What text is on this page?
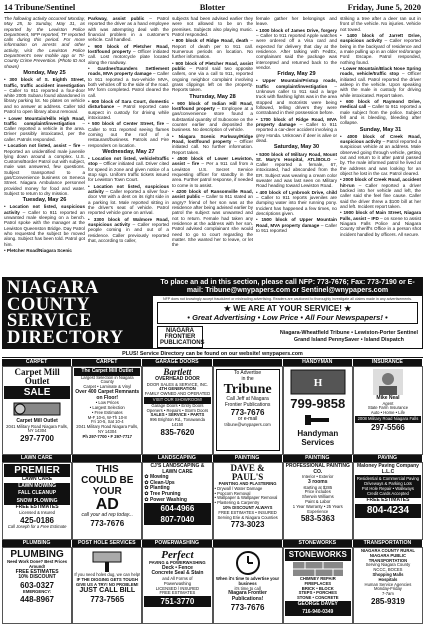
14 Tribune/Sentinel	Blotter	Friday, June 5, 2020

The following activity occurred Monday, May 25, to Sunday, May 31, as reported by the Lewiston Police Department, NFP reported, TF reported calls during this period. For more information on arrests and other activity, visit the Lewiston Police Department's new mobile app or Tri-County Crime Prevention. (Photo ID not shown)

Monday, May 25

• 300 block of S. Eighth Street, traffic, traffic accident investigation – Caller to 911 reported a four-door white 2005 Subaru found abandoned in library parking lot. No plates on vehicle and no answer at address. Caller told Patrol to open library about removal.

• Lower Mountain/Hills High Road, traffic complaint/investigation – Caller reported a vehicle in the area. Driver possibly intoxicated, per the caller. Patrols responded.

• Location not listed, assist – fire – Reported an unidentified male juvenile lying down around a complex. U.S. Customs/Border Patrol out with subject, male was answered, few questions. Subject transported to a gas/Convenience business on Seneca Street. Niagara Ambulance personnel provided money for food and water. Subject to return to dry mission.

Tuesday, May 26

• Location not listed, suspicious activity – Caller to 911 reported an unwanted male sleeping on a bench. Patrol spoke with the manager at the Lewiston Queenston Bridge. Day Patrol who requested the subject be moved along. Subject has been told. Patrol got him.

• Pletcher Road/Niagara Scenic

Parkway, assist public – Patrol reported the driver as a hand employee with was attempting deal with the financial problem in a customer's vehicle. Call handled.

• 900 block of Pletcher Road, lost/found property – Officer initiated call. Lost motorcycle plate located along the roadway.

• Gardner/Saunders Settlement roads, MVA property damage – Caller to 911 reported a two-vehicle MVA, both vehicles off to the side of the road. MV form completed. Patrol cleared the call.

• 600 block of Sara Court, domestic disturbance – Patrol reported case suspect in custody for driving while intoxicated.

• 500 block of Center Street, fire – Caller to 911 reported seeing flames coming out the roof of a restaurant/business. Patrols and Fire responders on location.

Wednesday, May 27

• Location not listed, vehicle/traffic stop – Officer initiated call. Driver cited for speed in zone and given notice of a stop sign. Uniform traffic tickets issued for Lewiston Town Court.

• Location not listed, suspicious activity – Caller reported a silver four-door VW with a dent on its right side in a parking lot. Male reported sitting in the driver's seat of vehicle. Patrol reported vehicle gone on arrival.

• 3300 block of Walmore Road, suspicious activity – Caller reported people coming in and out of a residence. Caller previously reported that, according to caller,

subjects had been advised earlier they were not allowed to be on the premises. Subjects also playing music. Patrol responded.

• 800 block of Ridge Road, death – Report of death per to 911 call. Numerous periods on location. No further information.

• 900 block of Pletcher Road, assist public – Patrol said two opposite callers, one via a call to 911, reported ongoing neighbor complaint involving grass clippings left on the property. Reports taken.

Thursday, May 28

• 900 block of Indian Hill Road, lost/found property – Employee at a gas/convenience store found a substantial quantity of Suboxone on the counter earlier and deposited the business. No description of vehicle.

• Niagara Scenic Parkway/Ridge Road, lost/found property – Officer initiated call. No further information. Report taken.

• 4500 block of Lower Lewiston, assist – fire – Per a 911 call from a Lewiston U.S. Secret Service requesting officer for standby in the area. Further patrol response, if needed to come in to assist.

• 4200 block of Ransomville Road, assist public – Caller to 911 stated an angry? friend of her son was at the residence after being advised earlier by patrol the subject was unwanted and not to return. Female had taken any residence at the address with her son. Patrol advised complainant she would need to go to court regarding the matter. She wanted her to leave, or let the

female gather her belongings and leave.

• 1000 block of James Drive, forgery – Caller to 911 reported Apple watches were ordered off a Visa card and expected for delivery that day at the residence. After talking with FedEx, complainant said the package was intercepted and returned back to the vendor.

Friday, May 29

• Upper Mountain/Pristup roads, traffic complaint/investigation – Unknown caller to 911 said a large truck with flashing lights was in the area stopped and motorists were being followed, telling drivers they were contraband in their possession before.

• 1700 block of Ridge Road, MVA property damage – Caller to 911 reported a car-deer accident involving a grey Honda. Unknown if deer is alive or dead.

Saturday, May 30

• 5300 block of Military Road, Mount St. Mary's Hospital, ATL/BOLO – Caller reported a female, 67, intoxicated, had absconded from the ER. Subject was wearing a cream color sweater and was last seen on Military Road heading toward Lewiston Road.

• 400 block of Lynbrook Drive, child – Caller to 911 reports juveniles are dumping water into their running pony. Incident has happened a few times, no descriptions given.

• 1500 block of Upper Mountain Road, MVA property damage – Caller to 911 reported

striking a tree after a deer ran out in front of the vehicle. No injuries. Vehicle not towed.

• 1400 block of Jarrett Drive, suspicious activity – Caller reported being in the backyard of residence and a male pulling up in an older red/orange Ford Escape. Patrol responded, nothing found.

• Lower Mountain/Black Nose Spring roads, vehicle/traffic stop – Officer initiated call. Patrol reported the driver asleep in the vehicle. Upon speaking with the male in custody for driving while intoxicated. Report taken.

• 600 block of Raymond Drive, medical call – Caller to 911 reported a male subject from the police. Subject fell and is bleeding, bleeding after collapse.

Sunday, May 31

• 4000 block of Creek Road, suspicious activity – Patrol reported a suspicious vehicle at an address. Male observed going through vehicle, getting out and return to it after patrol passed by. The male informed patrol he lived at the address and was looking for an object he lost in the car. Patrol cleared.

• 2000 block of Creek Road, accident hit-run – Caller reported a driver backed into her vehicle and left, the caller said she feel fine cause. Caller said the driver threw a $100 bill at her and left. Incident report taken.

• 1900 block of Main Street, Niagara Falls, assist – IFD – on scene to assist Niagara Falls Police and Niagara County Sheriff's Office in a person shot incident handled by officers. All secure.

NIAGARA
COUNTY
SERVICE
DIRECTORY
To place an ad in this section, please call NFP: 773-7676; Fax: 773-7190 or E-mail: Tribune@wnypapers.com or Sentinel@wnypapers.com
NFP does not knowingly accept fraudulent or misleading advertising. Readers are cautioned to thoroughly investigate all claims made in any advertisements.
★ WE ARE AT YOUR SERVICE! ★
• Great Advertising • Low Price • All Four Newspapers! •
NIAGARA FRONTIER PUBLICATIONS
Niagara-Wheatfield Tribune • Lewiston-Porter Sentinel
Grand Island PennySaver • Island Dispatch
PLUS! Service Directory can be found on our website! wnypapers.com
CARPET	CARPET	GARAGE DOORS	HANDYMAN	INSURANCE
Carpet Mill Outlet
SALE
Carpet Mill Outlet
2041 Military Road Niagara Falls, NY 14304
297-7700
The Carpet Mill Outlet
Largest Selection in Niagara County
Carpet • Laminate & Vinyl
Over 400 Carpet Remnants on Floor!
• Low Prices
• Largest Selection
• Free Estimates
M-F 10-6, W-Th 10-8
Fri 10-5, Sat 10-4
2041 Military Road Niagara Falls, NY 14304
Ph 297-7700 • F 297-7717
Bartlett
OVERHEAD DOOR
DOOR SALES & SERVICE, INC.
4TH GENERATION
FAMILY OWNED AND OPERATED
VISIT OUR SHOWROOM!
Garage Doors • Entry Doors
Openers • Repairs • Storm Doors
SALES • SERVICE • PARTS
996 Brighton Rd., Tonawanda 14150
835-7620
To Advertise
in the
Tribune
Call Jeff at Niagara Frontier Publications
773-7676
or e-mail
tribune@wnypapers.com
H
799-9858
Handyman Services
Mike Neal
Agent
State Farm Insurance
Auto • Home • Life
2008 Military Road Niagara Falls
297-5566
LAWN CARE	LANDSCAPING	PAINTING	PAINTING	PAVING
PREMIER
LAWN CARE
LAWN MOWING
FALL CLEANUP
SNOW PLOWING
FREE ESTIMATES
Licensed & Insured
425-0186
Call Joseph for a Free Estimate
THIS
COULD BE
YOUR
AD
call your ad rep today...
773-7676
CJ'S LANDSCAPING & LAWN CARE
✿ Mowing
✿ Clean-Ups
✿ Planting
✿ Tree Pruning
✿ Power Washing
604-4966
807-7040
DAVE & PAUL'S
PAINTING AND PLASTERING
• Drywall / Water Damage
• Popcorn Removal
• Wallpaper & Wallpaper Removal
• Plastering & Carpentry
10% DISCOUNT ALWAYS
FREE ESTIMATES • INSURED
Serving Erie & Niagara Counties
773-3023
PROFESSIONAL PAINTING CO.
Interior • Exterior
3 rooms
starting at $285
Price includes
Sherwin Williams
Paint & Labor
1 Year Warranty • 25 Years Experience
583-5363
Maloney Paving Company L.L.C
Residential & Commercial Paving
Driveways & Parking Lots
Pot Hole Repair • Walkways
Credit Cards Accepted
FREE ESTIMATES
804-4234
PLUMBING	POST HOLE SERVICES	POWERWASHING	STONEWORKS	TRANSPORTATION
PLUMBING
Need Work Done? Best Prices Around!
FREE ESTIMATES
10% DISCOUNT
603-0327
EMERGENCY:
448-8967
If you need holes dug, we can help!
IF THE DIGGING GETS TOUGH
GIVE US A TRY! NO PROBLEM!
JUST CALL BILL
773-7565
Perfect
PAVING & POWERWASHING
Deck • Fence
Concrete Seal & Stain
and All Forms of
Powerwashing
LICENSED / INSURED
FREE ESTIMATES
751-3770
When it's time to advertise your business
it's time to call
Niagara Frontier Publications!
773-7676
STONEWORKS
CHIMNEY REPAIR
FIREPLACES
BRICK • BLOCK
STEPS • PORCHES
STONE • CONCRETE
GEORGE DAVEY
716-940-0349
NIAGARA COUNTY RURAL NIAGARA PUBLIC TRANSPORTATION
Serving Niagara County
NCCC, BOCES
Shopping Malls
Hospitals
Human Service Agencies
Monday-Friday
7-7am
285-9319
